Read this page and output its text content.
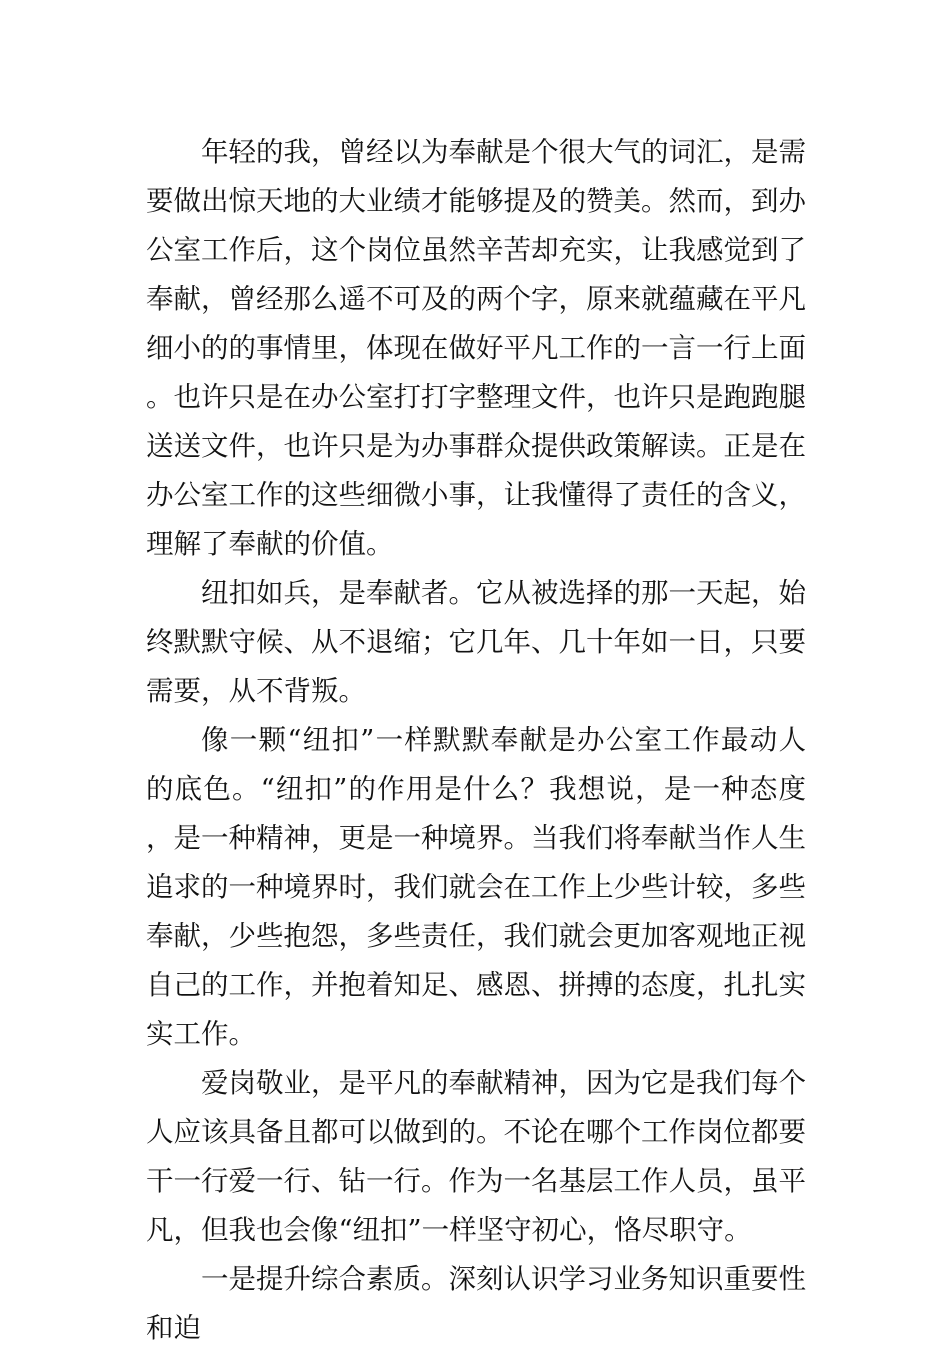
年轻的我，曾经以为奉献是个很大气的词汇，是需要做出惊天地的大业绩才能够提及的赞美。然而，到办公室工作后，这个岗位虽然辛苦却充实，让我感觉到了奉献，曾经那么遥不可及的两个字，原来就蕴藏在平凡细小的的事情里，体现在做好平凡工作的一言一行上面。也许只是在办公室打打字整理文件，也许只是跑跑腿送送文件，也许只是为办事群众提供政策解读。正是在办公室工作的这些细微小事，让我懂得了责任的含义，理解了奉献的价值。

纽扣如兵，是奉献者。它从被选择的那一天起，始终默默守候、从不退缩；它几年、几十年如一日，只要需要，从不背叛。

像一颗“纽扣”一样默默奉献是办公室工作最动人的底色。“纽扣”的作用是什么？我想说，是一种态度，是一种精神，更是一种境界。当我们将奉献当作人生追求的一种境界时，我们就会在工作上少些计较，多些奉献，少些抱怨，多些责任，我们就会更加客观地正视自己的工作，并抱着知足、感恩、拼搏的态度，扎扎实实工作。

爱岗敬业，是平凡的奉献精神，因为它是我们每个人应该具备且都可以做到的。不论在哪个工作岗位都要干一行爱一行、钻一行。作为一名基层工作人员，虽平凡，但我也会像“纽扣”一样坚守初心，恪尽职守。

一是提升综合素质。深刻认识学习业务知识重要性和迫
